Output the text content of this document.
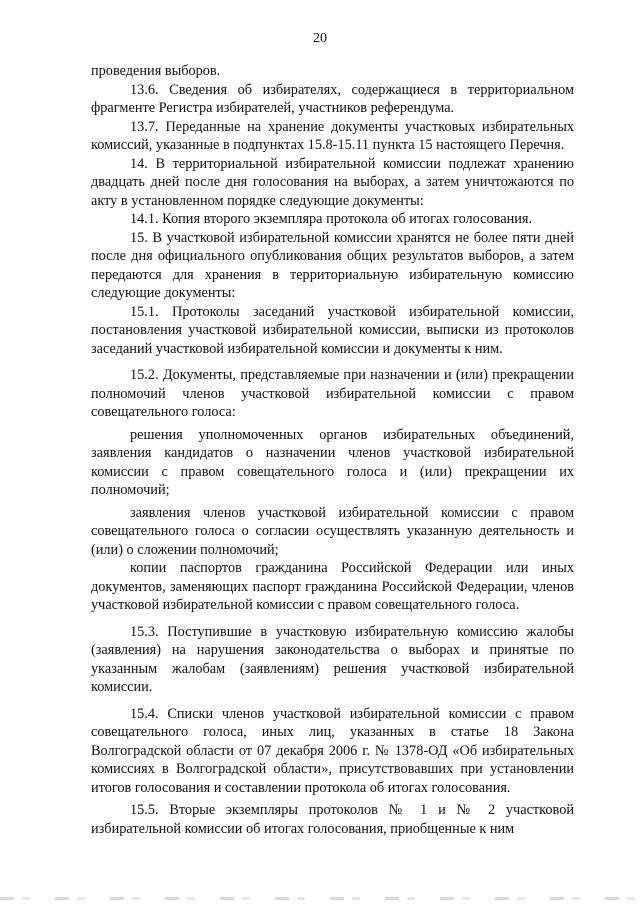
20

проведения выборов.

13.6. Сведения об избирателях, содержащиеся в территориальном фрагменте Регистра избирателей, участников референдума.

13.7. Переданные на хранение документы участковых избирательных комиссий, указанные в подпунктах 15.8-15.11 пункта 15 настоящего Перечня.

14. В территориальной избирательной комиссии подлежат хранению двадцать дней после дня голосования на выборах, а затем уничтожаются по акту в установленном порядке следующие документы:

14.1. Копия второго экземпляра протокола об итогах голосования.

15. В участковой избирательной комиссии хранятся не более пяти дней после дня официального опубликования общих результатов выборов, а затем передаются для хранения в территориальную избирательную комиссию следующие документы:

15.1. Протоколы заседаний участковой избирательной комиссии, постановления участковой избирательной комиссии, выписки из протоколов заседаний участковой избирательной комиссии и документы к ним.

15.2. Документы, представляемые при назначении и (или) прекращении полномочий членов участковой избирательной комиссии с правом совещательного голоса:

решения уполномоченных органов избирательных объединений, заявления кандидатов о назначении членов участковой избирательной комиссии с правом совещательного голоса и (или) прекращении их полномочий;

заявления членов участковой избирательной комиссии с правом совещательного голоса о согласии осуществлять указанную деятельность и (или) о сложении полномочий;

копии паспортов гражданина Российской Федерации или иных документов, заменяющих паспорт гражданина Российской Федерации, членов участковой избирательной комиссии с правом совещательного голоса.

15.3. Поступившие в участковую избирательную комиссию жалобы (заявления) на нарушения законодательства о выборах и принятые по указанным жалобам (заявлениям) решения участковой избирательной комиссии.

15.4. Списки членов участковой избирательной комиссии с правом совещательного голоса, иных лиц, указанных в статье 18 Закона Волгоградской области от 07 декабря 2006 г. № 1378-ОД «Об избирательных комиссиях в Волгоградской области», присутствовавших при установлении итогов голосования и составлении протокола об итогах голосования.

15.5. Вторые экземпляры протоколов № 1 и № 2 участковой избирательной комиссии об итогах голосования, приобщенные к ним
